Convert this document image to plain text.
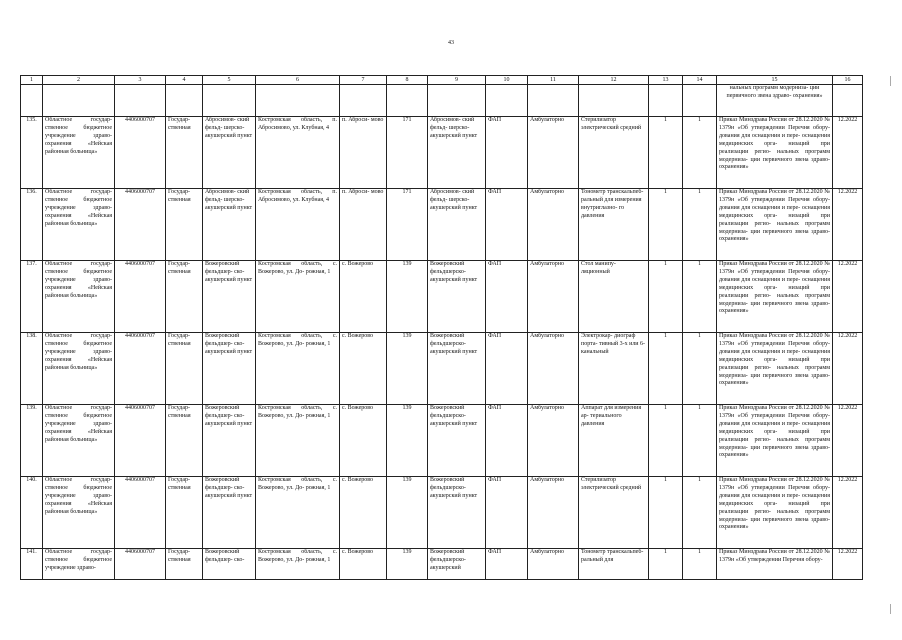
43
1	2	3	4	5	6	7	8	9	10	11	12	13	14	15	16
														нальных программ модерниза- ции первичного звена здраво- охранения»	
135.	Областное государ- ственное бюджетное учреждение здраво- охранения «Нейская районная больница»	4406000707	Государ- ственная	Абросимов- ский фельд- шерско- акушерский пункт	Костромская область, п. Абросимово, ул. Клубная, 4	п. Аброси- мово	171	Абросимов- ский фельд- шерско- акушерский пункт	ФАП	Амбулаторно	Стерилизатор электрический средний	1	1	Приказ Минздрава России от 28.12.2020 № 1379н «Об утверждении Перечня обору- дования для оснащения и пере- оснащения медицинских орга- низаций при реализации регио- нальных программ модерниза- ции первичного звена здраво- охранения»	12.2022
136.	Областное государ- ственное бюджетное учреждение здраво- охранения «Нейская районная больница»	4406000707	Государ- ственная	Абросимов- ский фельд- шерско- акушерский пункт	Костромская область, п. Абросимово, ул. Клубная, 4	п. Аброси- мово	171	Абросимов- ский фельд- шерско- акушерский пункт	ФАП	Амбулаторно	Тонометр транскальпеб- ральный для измерения внутриглазно- го давления	1	1	Приказ Минздрава России от 28.12.2020 № 1379н «Об утверждении Перечня обору- дования для оснащения и пере- оснащения медицинских орга- низаций при реализации регио- нальных программ модерниза- ции первичного звена здраво- охранения»	12.2022
137.	Областное государ- ственное бюджетное учреждение здраво- охранения «Нейская районная больница»	4406000707	Государ- ственная	Вожеровский фельдшер- ско- акушерский пункт	Костромская область, с. Вожерово, ул. До- рожная, 1	с. Вожерово	139	Вожеровский фельдшерско- акушерский пункт	ФАП	Амбулаторно	Стол манипу- ляционный	1	1	Приказ Минздрава России от 28.12.2020 № 1379н «Об утверждении Перечня обору- дования для оснащения и пере- оснащения медицинских орга- низаций при реализации регио- нальных программ модерниза- ции первичного звена здраво- охранения»	12.2022
138.	Областное государ- ственное бюджетное учреждение здраво- охранения «Нейская районная больница»	4406000707	Государ- ственная	Вожеровский фельдшер- ско- акушерский пункт	Костромская область, с. Вожерово, ул. До- рожная, 1	с. Вожерово	139	Вожеровский фельдшерско- акушерский пункт	ФАП	Амбулаторно	Электрокар- диограф порта- тивный 3-х или 6-канальный	1	1	Приказ Минздрава России от 28.12.2020 № 1379н «Об утверждении Перечня обору- дования для оснащения и пере- оснащения медицинских орга- низаций при реализации регио- нальных программ модерниза- ции первичного звена здраво- охранения»	12.2022
139.	Областное государ- ственное бюджетное учреждение здраво- охранения «Нейская районная больница»	4406000707	Государ- ственная	Вожеровский фельдшер- ско- акушерский пункт	Костромская область, с. Вожерово, ул. До- рожная, 1	с. Вожерово	139	Вожеровский фельдшерско- акушерский пункт	ФАП	Амбулаторно	Аппарат для измерения ар- териального давления	1	1	Приказ Минздрава России от 28.12.2020 № 1379н «Об утверждении Перечня обору- дования для оснащения и пере- оснащения медицинских орга- низаций при реализации регио- нальных программ модерниза- ции первичного звена здраво- охранения»	12.2022
140.	Областное государ- ственное бюджетное учреждение здраво- охранения «Нейская районная больница»	4406000707	Государ- ственная	Вожеровский фельдшер- ско- акушерский пункт	Костромская область, с. Вожерово, ул. До- рожная, 1	с. Вожерово	139	Вожеровский фельдшерско- акушерский пункт	ФАП	Амбулаторно	Стерилизатор электрический средний	1	1	Приказ Минздрава России от 28.12.2020 № 1379н «Об утверждении Перечня обору- дования для оснащения и пере- оснащения медицинских орга- низаций при реализации регио- нальных программ модерниза- ции первичного звена здраво- охранения»	12.2022
141.	Областное государ- ственное бюджетное учреждение здраво-	4406000707	Государ- ственная	Вожеровский фельдшер- ско-	Костромская область, с. Вожерово, ул. До- рожная, 1	с. Вожерово	139	Вожеровский фельдшерско- акушерский	ФАП	Амбулаторно	Тонометр транскальпеб- ральный для	1	1	Приказ Минздрава России от 28.12.2020 № 1379н «Об утверждении Перечня обору-	12.2022
